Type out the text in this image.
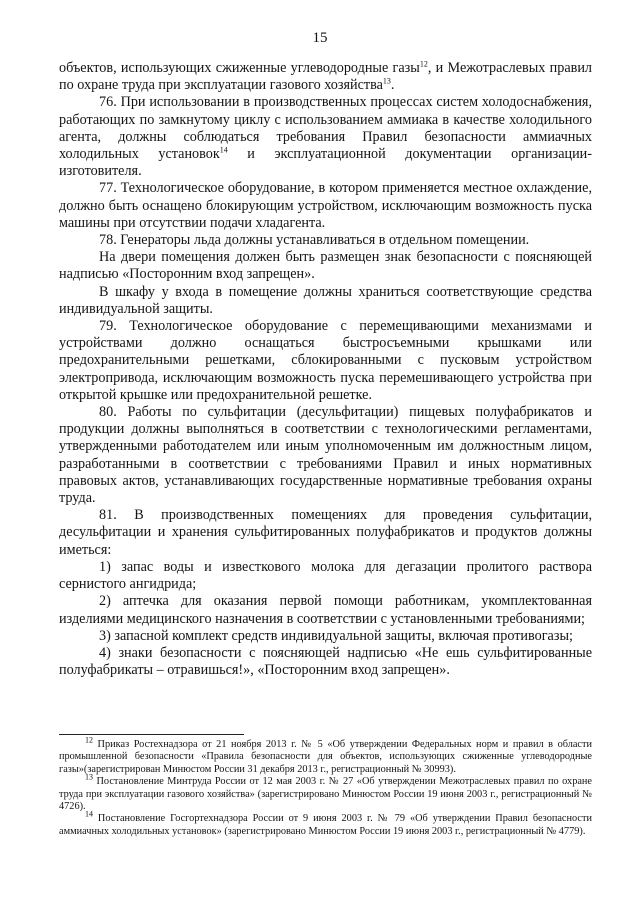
15

объектов, использующих сжиженные углеводородные газы$^{12}$, и Межотраслевых правил по охране труда при эксплуатации газового хозяйства$^{13}$.

76. При использовании в производственных процессах систем холодоснабжения, работающих по замкнутому циклу с использованием аммиака в качестве холодильного агента, должны соблюдаться требования Правил безопасности аммиачных холодильных установок$^{14}$ и эксплуатационной документации организации-изготовителя.

77. Технологическое оборудование, в котором применяется местное охлаждение, должно быть оснащено блокирующим устройством, исключающим возможность пуска машины при отсутствии подачи хладагента.

78. Генераторы льда должны устанавливаться в отдельном помещении.

На двери помещения должен быть размещен знак безопасности с поясняющей надписью «Посторонним вход запрещен».

В шкафу у входа в помещение должны храниться соответствующие средства индивидуальной защиты.

79. Технологическое оборудование с перемещивающими механизмами и устройствами должно оснащаться быстросъемными крышками или предохранительными решетками, сблокированными с пусковым устройством электропривода, исключающим возможность пуска перемешивающего устройства при открытой крышке или предохранительной решетке.

80. Работы по сульфитации (десульфитации) пищевых полуфабрикатов и продукции должны выполняться в соответствии с технологическими регламентами, утвержденными работодателем или иным уполномоченным им должностным лицом, разработанными в соответствии с требованиями Правил и иных нормативных правовых актов, устанавливающих государственные нормативные требования охраны труда.

81. В производственных помещениях для проведения сульфитации, десульфитации и хранения сульфитированных полуфабрикатов и продуктов должны иметься:

1) запас воды и известкового молока для дегазации пролитого раствора сернистого ангидрида;

2) аптечка для оказания первой помощи работникам, укомплектованная изделиями медицинского назначения в соответствии с установленными требованиями;

3) запасной комплект средств индивидуальной защиты, включая противогазы;

4) знаки безопасности с поясняющей надписью «Не ешь сульфитированные полуфабрикаты – отравишься!», «Посторонним вход запрещен».

$^{12}$ Приказ Ростехнадзора от 21 ноября 2013 г. № 5 «Об утверждении Федеральных норм и правил в области промышленной безопасности «Правила безопасности для объектов, использующих сжиженные углеводородные газы»(зарегистрирован Минюстом России 31 декабря 2013 г., регистрационный № 30993).

$^{13}$ Постановление Минтруда России от 12 мая 2003 г. № 27 «Об утверждении Межотраслевых правил по охране труда при эксплуатации газового хозяйства» (зарегистрировано Минюстом России 19 июня 2003 г., регистрационный № 4726).

$^{14}$ Постановление Госгортехнадзора России от 9 июня 2003 г. № 79 «Об утверждении Правил безопасности аммиачных холодильных установок» (зарегистрировано Минюстом России 19 июня 2003 г., регистрационный № 4779).
